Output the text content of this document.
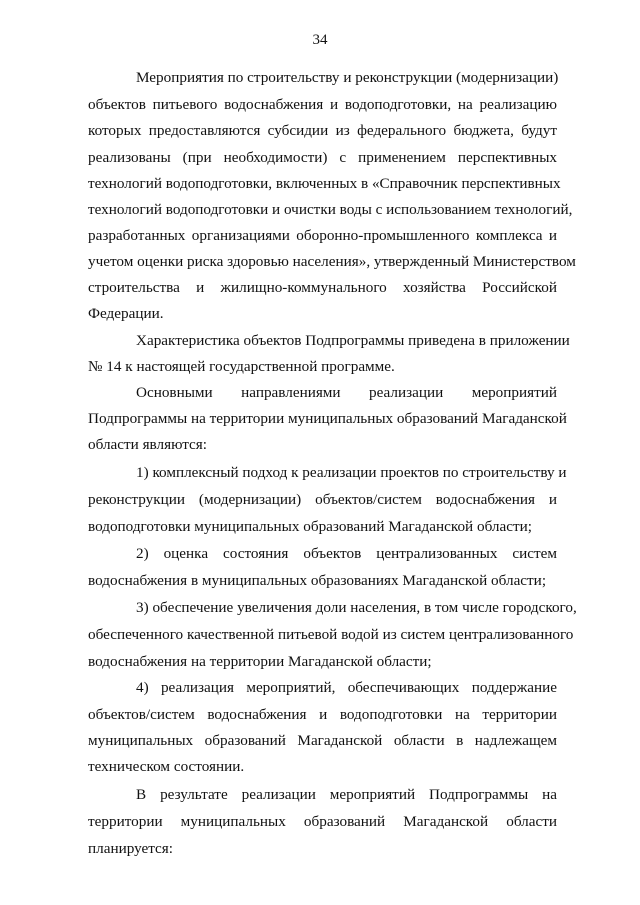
34
Мероприятия по строительству и реконструкции (модернизации)
объектов питьевого водоснабжения и водоподготовки, на реализацию
которых предоставляются субсидии из федерального бюджета, будут
реализованы (при необходимости) с применением перспективных
технологий водоподготовки, включенных в «Справочник перспективных
технологий водоподготовки и очистки воды с использованием технологий,
разработанных организациями оборонно-промышленного комплекса и
учетом оценки риска здоровью населения», утвержденный Министерством
строительства и жилищно-коммунального хозяйства Российской
Федерации.
Характеристика объектов Подпрограммы приведена в приложении
№ 14 к настоящей государственной программе.
Основными направлениями реализации мероприятий
Подпрограммы на территории муниципальных образований Магаданской
области являются:
1) комплексный подход к реализации проектов по строительству и
реконструкции (модернизации) объектов/систем водоснабжения и
водоподготовки муниципальных образований Магаданской области;
2) оценка состояния объектов централизованных систем
водоснабжения в муниципальных образованиях Магаданской области;
3) обеспечение увеличения доли населения, в том числе городского,
обеспеченного качественной питьевой водой из систем централизованного
водоснабжения на территории Магаданской области;
4) реализация мероприятий, обеспечивающих поддержание
объектов/систем водоснабжения и водоподготовки на территории
муниципальных образований Магаданской области в надлежащем
техническом состоянии.
В результате реализации мероприятий Подпрограммы на
территории муниципальных образований Магаданской области
планируется:
